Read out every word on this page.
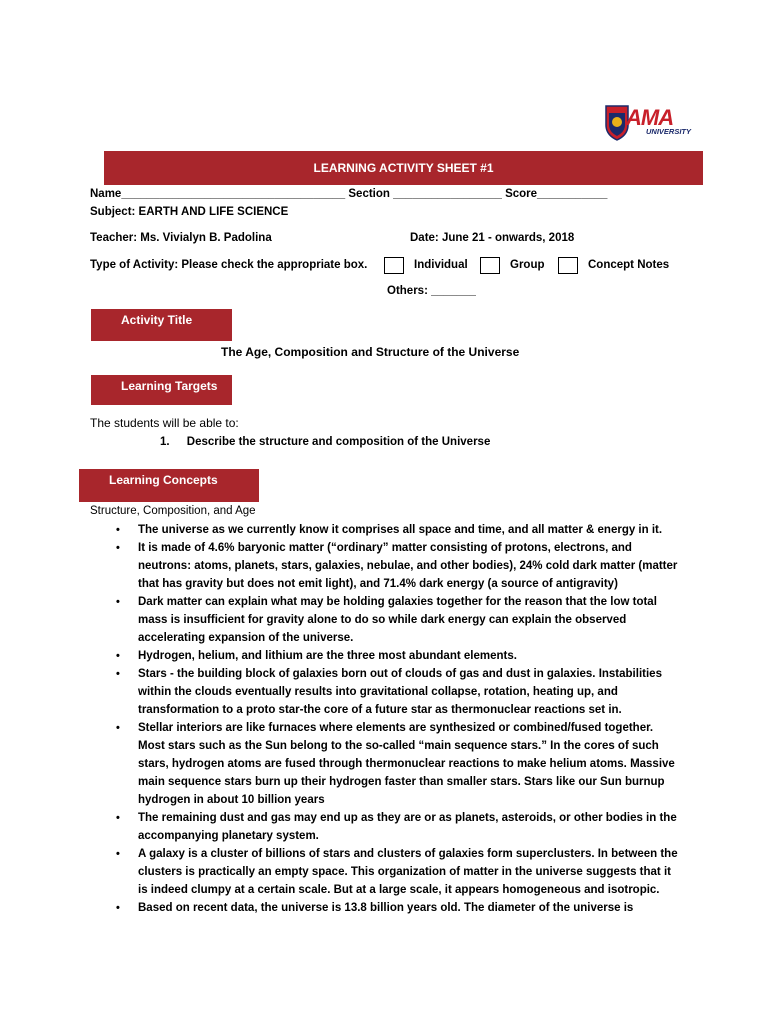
AMA
UNIVERSITY
LEARNING ACTIVITY SHEET #1
Name___________________________________ Section _________________ Score___________
Subject: EARTH AND LIFE SCIENCE
Teacher: Ms. Vivialyn B. Padolina	Date: June 21 - onwards, 2018
Type of Activity: Please check the appropriate box.	Individual	Group	Concept Notes
Others: _______
Activity Title
The Age, Composition and Structure of the Universe
Learning Targets
The students will be able to:
1. Describe the structure and composition of the Universe
Learning Concepts
Structure, Composition, and Age
• The universe as we currently know it comprises all space and time, and all matter & energy in it.
• It is made of 4.6% baryonic matter (“ordinary” matter consisting of protons, electrons, and neutrons: atoms, planets, stars, galaxies, nebulae, and other bodies), 24% cold dark matter (matter that has gravity but does not emit light), and 71.4% dark energy (a source of antigravity)
• Dark matter can explain what may be holding galaxies together for the reason that the low total mass is insufficient for gravity alone to do so while dark energy can explain the observed accelerating expansion of the universe.
• Hydrogen, helium, and lithium are the three most abundant elements.
• Stars - the building block of galaxies born out of clouds of gas and dust in galaxies. Instabilities within the clouds eventually results into gravitational collapse, rotation, heating up, and transformation to a proto star-the core of a future star as thermonuclear reactions set in.
• Stellar interiors are like furnaces where elements are synthesized or combined/fused together. Most stars such as the Sun belong to the so-called “main sequence stars.” In the cores of such stars, hydrogen atoms are fused through thermonuclear reactions to make helium atoms. Massive main sequence stars burn up their hydrogen faster than smaller stars. Stars like our Sun burnup hydrogen in about 10 billion years
• The remaining dust and gas may end up as they are or as planets, asteroids, or other bodies in the accompanying planetary system.
• A galaxy is a cluster of billions of stars and clusters of galaxies form superclusters. In between the clusters is practically an empty space. This organization of matter in the universe suggests that it is indeed clumpy at a certain scale. But at a large scale, it appears homogeneous and isotropic.
• Based on recent data, the universe is 13.8 billion years old. The diameter of the universe is
